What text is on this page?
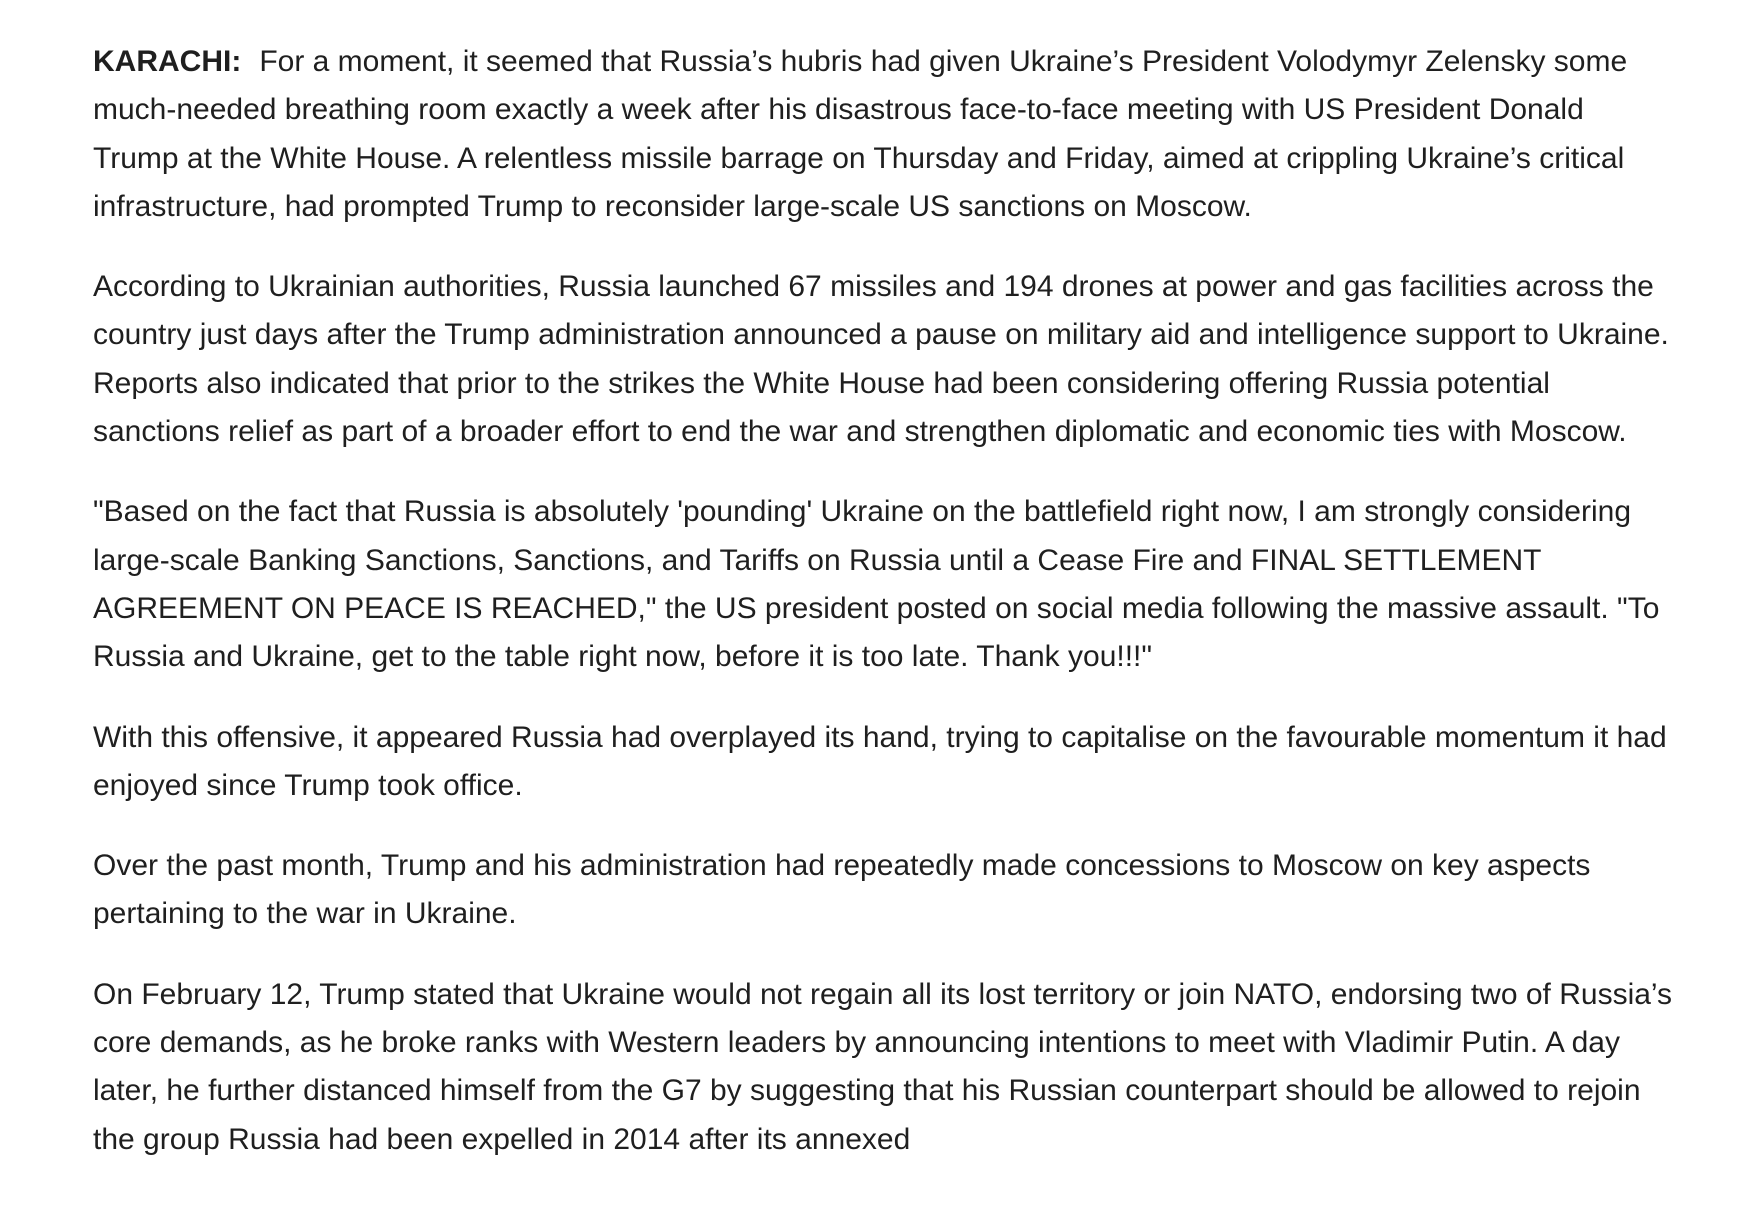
KARACHI: For a moment, it seemed that Russia’s hubris had given Ukraine’s President Volodymyr Zelensky some much-needed breathing room exactly a week after his disastrous face-to-face meeting with US President Donald Trump at the White House. A relentless missile barrage on Thursday and Friday, aimed at crippling Ukraine’s critical infrastructure, had prompted Trump to reconsider large-scale US sanctions on Moscow.

According to Ukrainian authorities, Russia launched 67 missiles and 194 drones at power and gas facilities across the country just days after the Trump administration announced a pause on military aid and intelligence support to Ukraine. Reports also indicated that prior to the strikes the White House had been considering offering Russia potential sanctions relief as part of a broader effort to end the war and strengthen diplomatic and economic ties with Moscow.

"Based on the fact that Russia is absolutely 'pounding' Ukraine on the battlefield right now, I am strongly considering large-scale Banking Sanctions, Sanctions, and Tariffs on Russia until a Cease Fire and FINAL SETTLEMENT AGREEMENT ON PEACE IS REACHED," the US president posted on social media following the massive assault. "To Russia and Ukraine, get to the table right now, before it is too late. Thank you!!!"

With this offensive, it appeared Russia had overplayed its hand, trying to capitalise on the favourable momentum it had enjoyed since Trump took office.

Over the past month, Trump and his administration had repeatedly made concessions to Moscow on key aspects pertaining to the war in Ukraine.

On February 12, Trump stated that Ukraine would not regain all its lost territory or join NATO, endorsing two of Russia’s core demands, as he broke ranks with Western leaders by announcing intentions to meet with Vladimir Putin. A day later, he further distanced himself from the G7 by suggesting that his Russian counterpart should be allowed to rejoin the group Russia had been expelled in 2014 after its annexed
